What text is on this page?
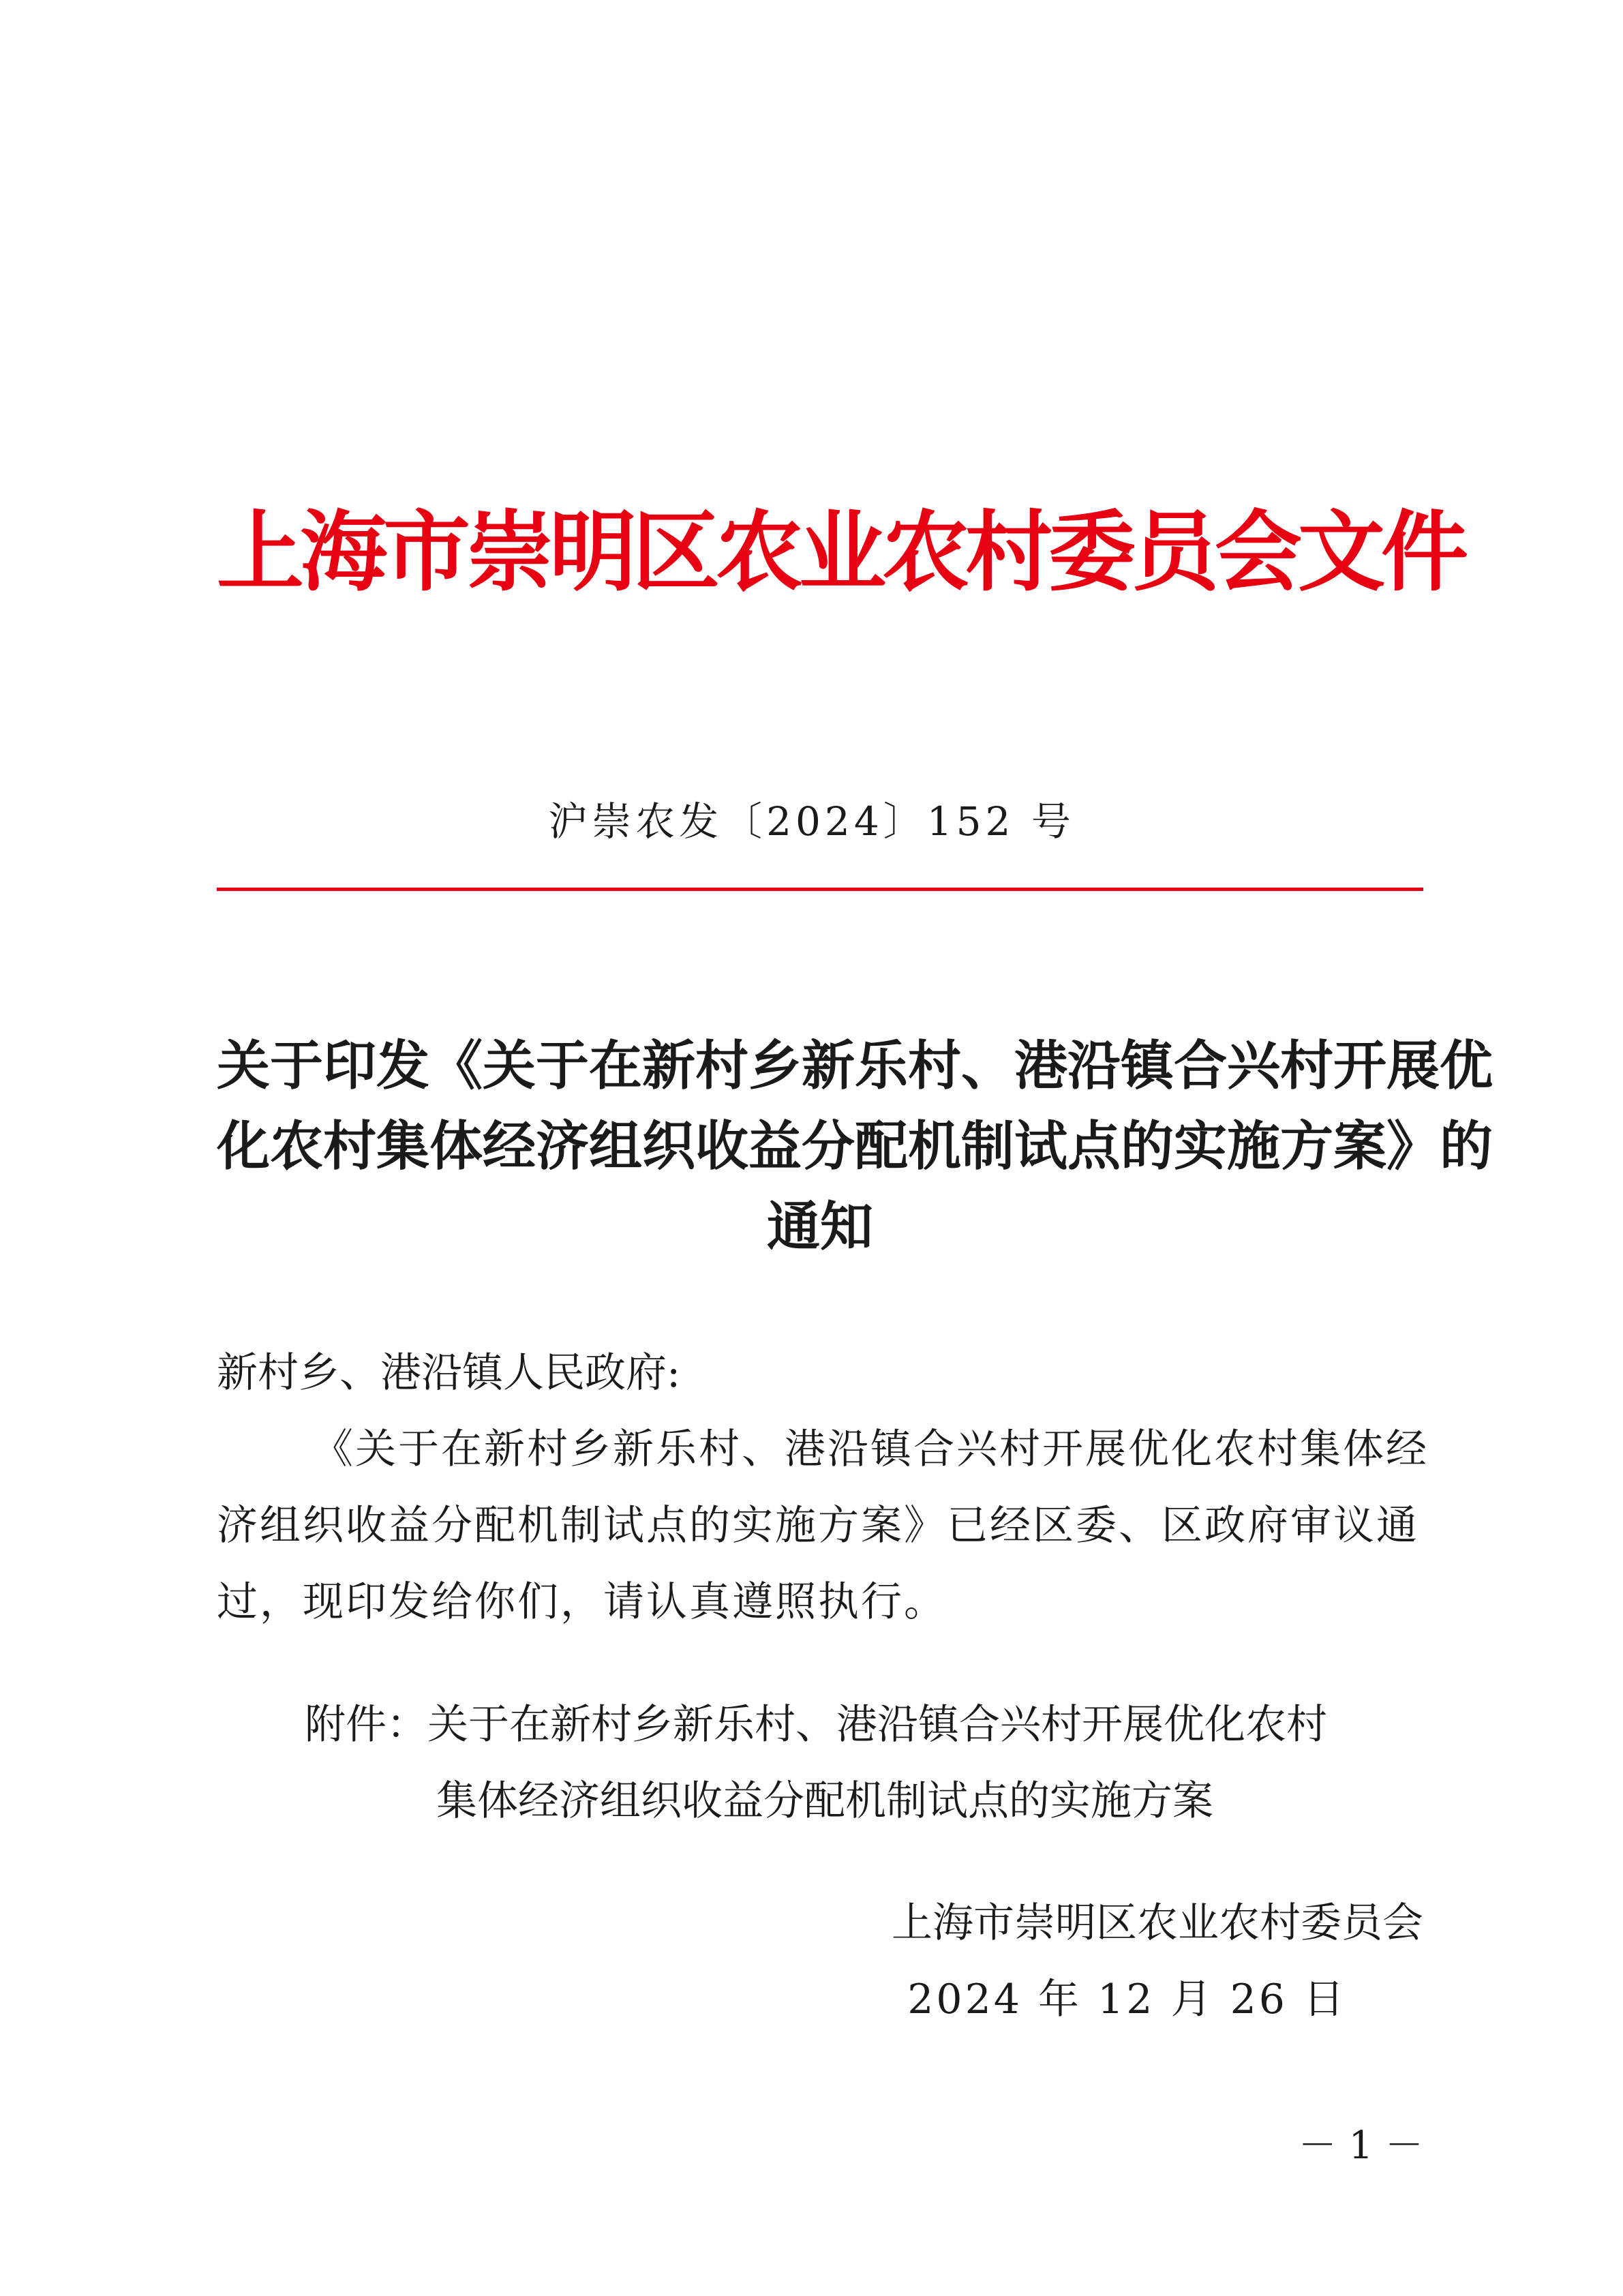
上海市崇明区农业农村委员会文件
沪崇农发〔2024〕152 号
关于印发《关于在新村乡新乐村、港沿镇合兴村开展优
化农村集体经济组织收益分配机制试点的实施方案》的
通知
新村乡、港沿镇人民政府:
《关于在新村乡新乐村、港沿镇合兴村开展优化农村集体经
济组织收益分配机制试点的实施方案》已经区委、区政府审议通
过，现印发给你们，请认真遵照执行。
附件：关于在新村乡新乐村、港沿镇合兴村开展优化农村
集体经济组织收益分配机制试点的实施方案
上海市崇明区农业农村委员会
2024 年 12 月 26 日
－ 1 －
